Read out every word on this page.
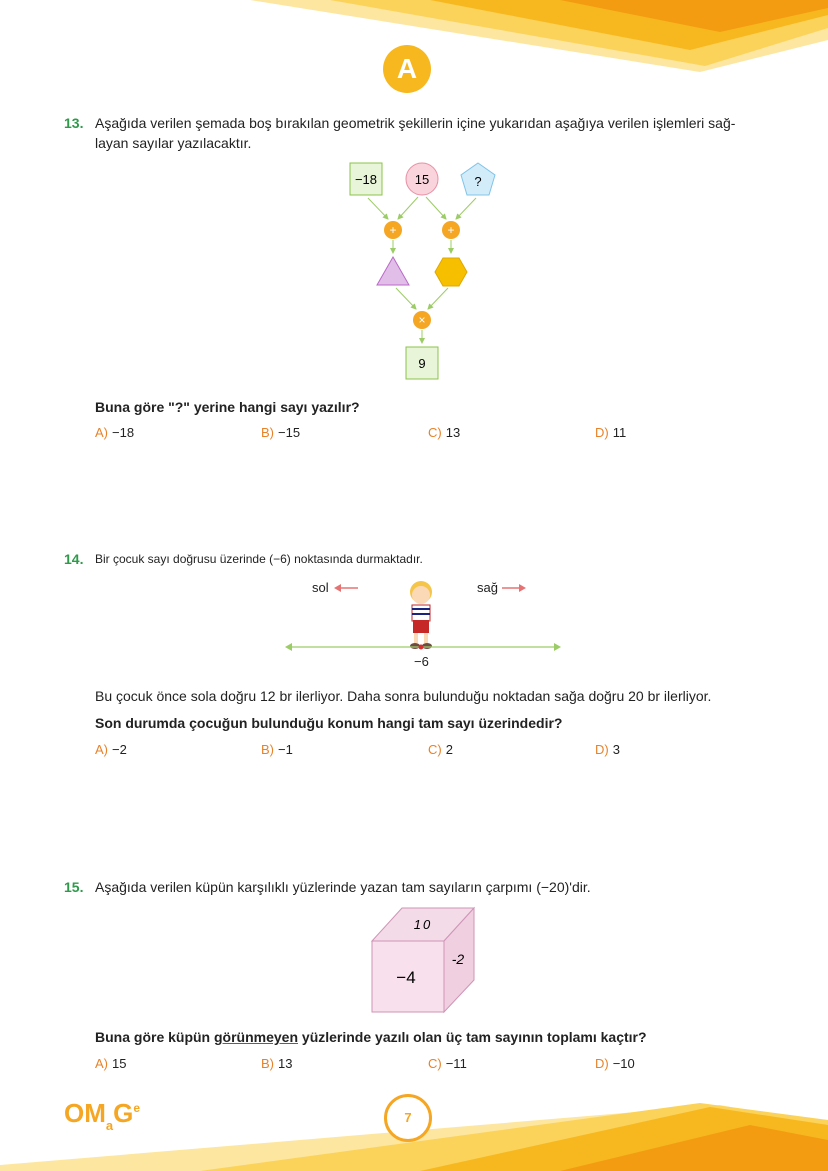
A
13. Aşağıda verilen şemada boş bırakılan geometrik şekillerin içine yukarıdan aşağıya verilen işlemleri sağ-
layan sayılar yazılacaktır.
−18	15	?
+	+
×
9
Buna göre "?" yerine hangi sayı yazılır?
A) −18	B) −15	C) 13	D) 11
14. Bir çocuk sayı doğrusu üzerinde (−6) noktasında durmaktadır.
sol	sağ
−6
Bu çocuk önce sola doğru 12 br ilerliyor. Daha sonra bulunduğu noktadan sağa doğru 20 br ilerliyor.
Son durumda çocuğun bulunduğu konum hangi tam sayı üzerindedir?
A) −2	B) −1	C) 2	D) 3
15. Aşağıda verilen küpün karşılıklı yüzlerinde yazan tam sayıların çarpımı (−20)'dir.
10
−4
-2
Buna göre küpün görünmeyen yüzlerinde yazılı olan üç tam sayının toplamı kaçtır?
A) 15	B) 13	C) −11	D) −10
$OM_aG^e$
7
